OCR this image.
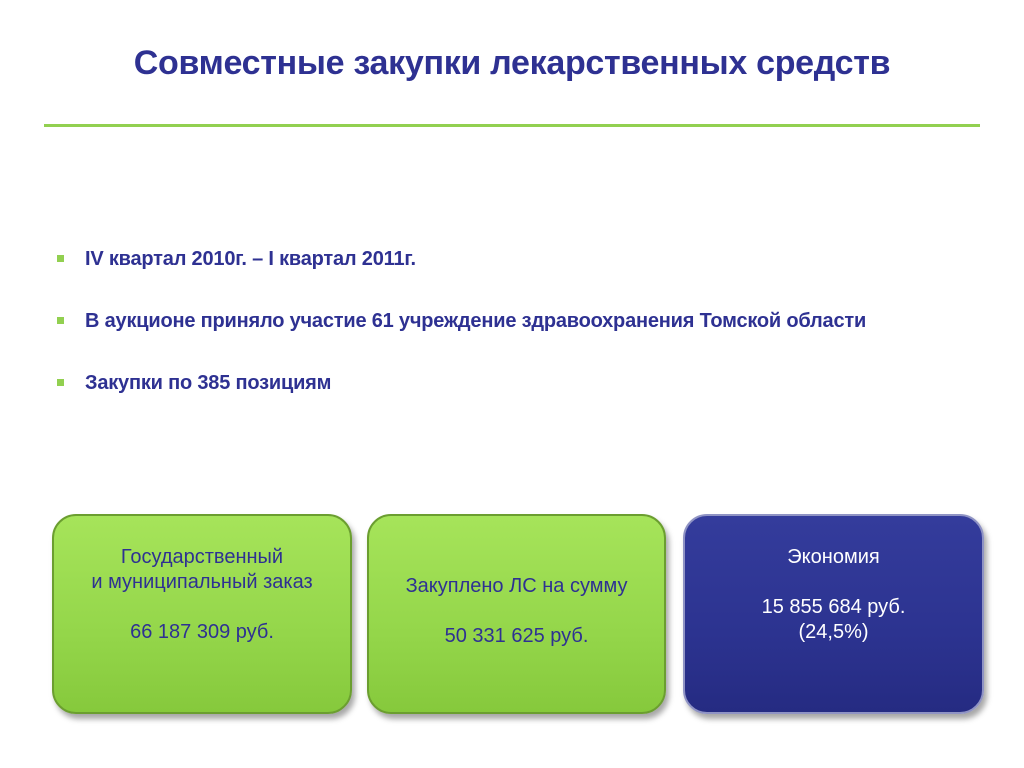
Совместные закупки лекарственных средств
IV квартал 2010г. – I квартал 2011г.
В аукционе приняло участие 61 учреждение здравоохранения Томской области
Закупки по 385 позициям
Государственный
и муниципальный заказ
66 187 309 руб.
Закуплено ЛС на сумму
50 331 625 руб.
Экономия
15 855 684 руб.
(24,5%)
